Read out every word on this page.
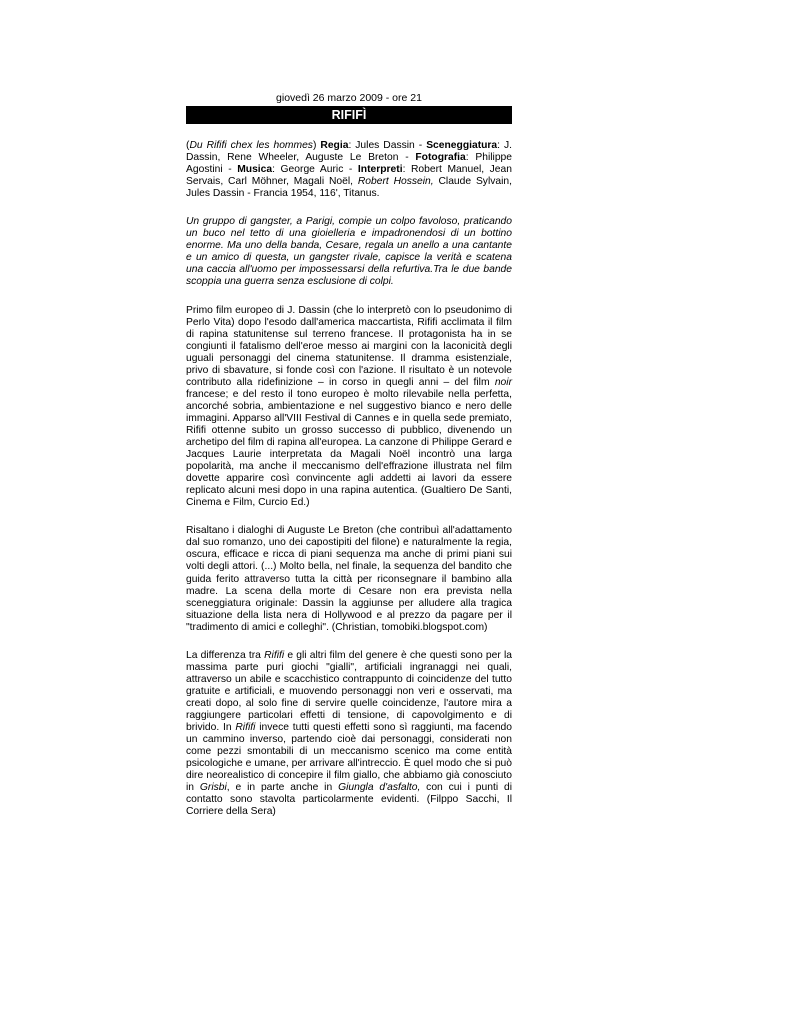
giovedì 26 marzo 2009 - ore 21

RIFIFÌ

(Du Rififi chex les hommes) Regia: Jules Dassin - Sceneggiatura: J. Dassin, Rene Wheeler, Auguste Le Breton - Fotografia: Philippe Agostini - Musica: George Auric - Interpreti: Robert Manuel, Jean Servais, Carl Möhner, Magali Noël, Robert Hossein, Claude Sylvain, Jules Dassin - Francia 1954, 116', Titanus.

Un gruppo di gangster, a Parigi, compie un colpo favoloso, praticando un buco nel tetto di una gioielleria e impadronendosi di un bottino enorme. Ma uno della banda, Cesare, regala un anello a una cantante e un amico di questa, un gangster rivale, capisce la verità e scatena una caccia all'uomo per impossessarsi della refurtiva.Tra le due bande scoppia una guerra senza esclusione di colpi.

Primo film europeo di J. Dassin (che lo interpretò con lo pseudonimo di Perlo Vita) dopo l'esodo dall'america maccartista, Rififi acclimata il film di rapina statunitense sul terreno francese. Il protagonista ha in se congiunti il fatalismo dell'eroe messo ai margini con la laconicità degli uguali personaggi del cinema statunitense. Il dramma esistenziale, privo di sbavature, si fonde così con l'azione. Il risultato è un notevole contributo alla ridefinizione – in corso in quegli anni – del film noir francese; e del resto il tono europeo è molto rilevabile nella perfetta, ancorché sobria, ambientazione e nel suggestivo bianco e nero delle immagini. Apparso all'VIII Festival di Cannes e in quella sede premiato, Rififi ottenne subito un grosso successo di pubblico, divenendo un archetipo del film di rapina all'europea. La canzone di Philippe Gerard e Jacques Laurie interpretata da Magali Noël incontrò una larga popolarità, ma anche il meccanismo dell'effrazione illustrata nel film dovette apparire così convincente agli addetti ai lavori da essere replicato alcuni mesi dopo in una rapina autentica. (Gualtiero De Santi, Cinema e Film, Curcio Ed.)

Risaltano i dialoghi di Auguste Le Breton (che contribuì all'adattamento dal suo romanzo, uno dei capostipiti del filone) e naturalmente la regia, oscura, efficace e ricca di piani sequenza ma anche di primi piani sui volti degli attori. (...) Molto bella, nel finale, la sequenza del bandito che guida ferito attraverso tutta la città per riconsegnare il bambino alla madre. La scena della morte di Cesare non era prevista nella sceneggiatura originale: Dassin la aggiunse per alludere alla tragica situazione della lista nera di Hollywood e al prezzo da pagare per il "tradimento di amici e colleghi". (Christian, tomobiki.blogspot.com)

La differenza tra Rififi e gli altri film del genere è che questi sono per la massima parte puri giochi "gialli", artificiali ingranaggi nei quali, attraverso un abile e scacchistico contrappunto di coincidenze del tutto gratuite e artificiali, e muovendo personaggi non veri e osservati, ma creati dopo, al solo fine di servire quelle coincidenze, l'autore mira a raggiungere particolari effetti di tensione, di capovolgimento e di brivido. In Rififi invece tutti questi effetti sono sì raggiunti, ma facendo un cammino inverso, partendo cioè dai personaggi, considerati non come pezzi smontabili di un meccanismo scenico ma come entità psicologiche e umane, per arrivare all'intreccio. È quel modo che si può dire neorealistico di concepire il film giallo, che abbiamo già conosciuto in Grisbi, e in parte anche in Giungla d'asfalto, con cui i punti di contatto sono stavolta particolarmente evidenti. (Filppo Sacchi, Il Corriere della Sera)
